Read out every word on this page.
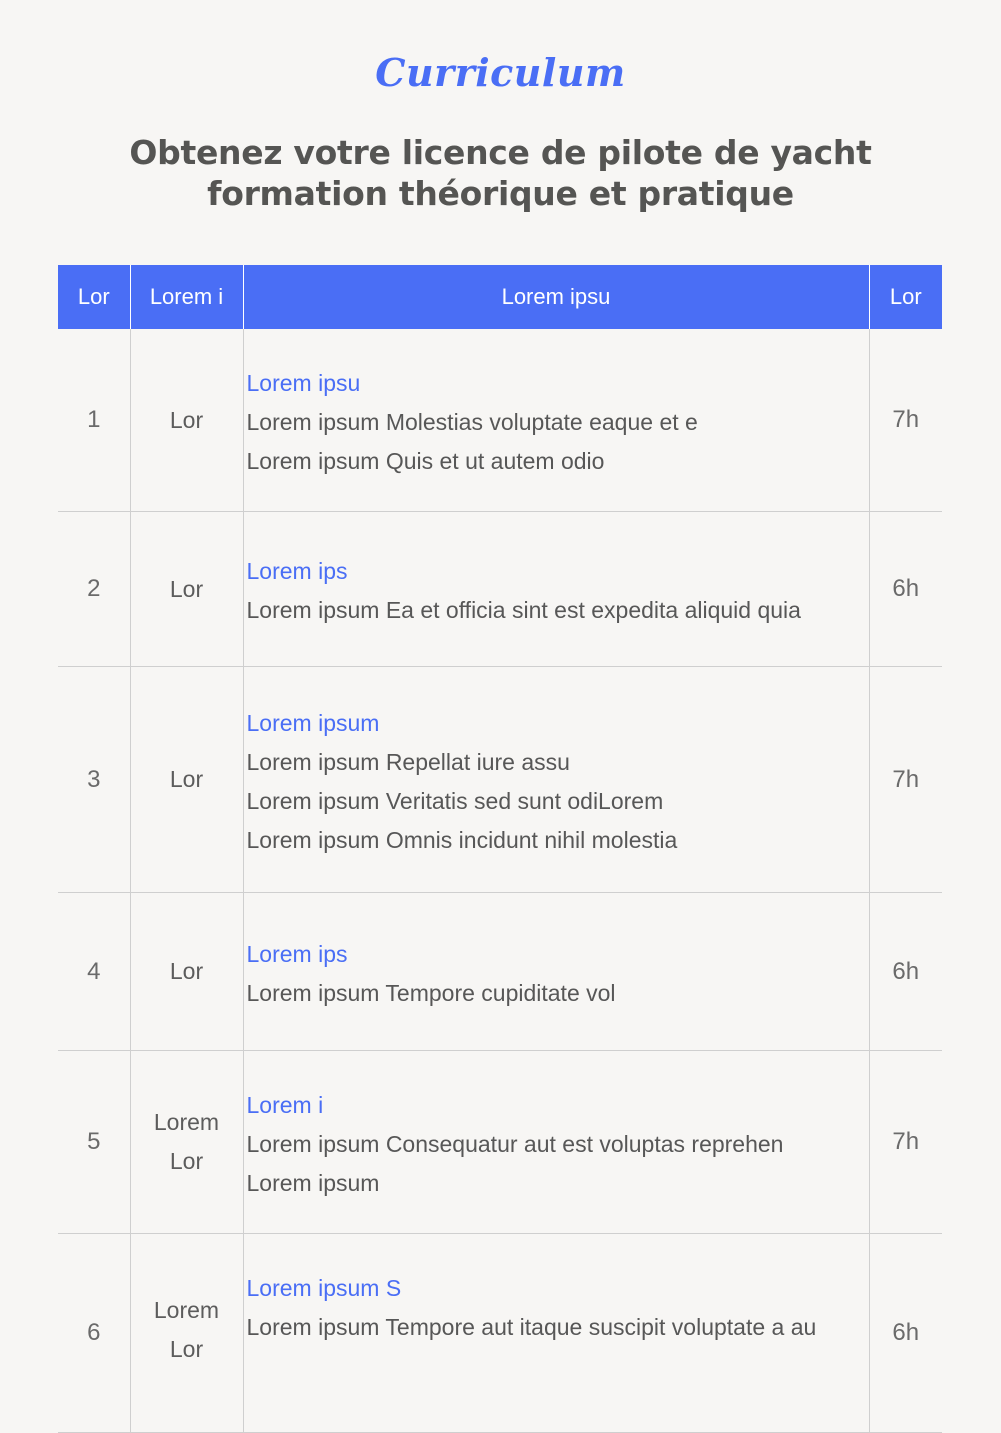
Curriculum
Obtenez votre licence de pilote de yacht
formation théorique et pratique
Lor	Lorem i	Lorem ipsu	Lor
1	Lor	Lorem ipsu
Lorem ipsum Molestias voluptate eaque et e
Lorem ipsum Quis et ut autem odio	7h
2	Lor	Lorem ips
Lorem ipsum Ea et officia sint est expedita aliquid quia	6h
3	Lor	Lorem ipsum
Lorem ipsum Repellat iure assu
Lorem ipsum Veritatis sed sunt odiLorem
Lorem ipsum Omnis incidunt nihil molestia	7h
4	Lor	Lorem ips
Lorem ipsum Tempore cupiditate vol	6h
5	Lorem
Lor	Lorem i
Lorem ipsum Consequatur aut est voluptas reprehen
Lorem ipsum	7h
6	Lorem
Lor	Lorem ipsum S
Lorem ipsum Tempore aut itaque suscipit voluptate a au	6h
